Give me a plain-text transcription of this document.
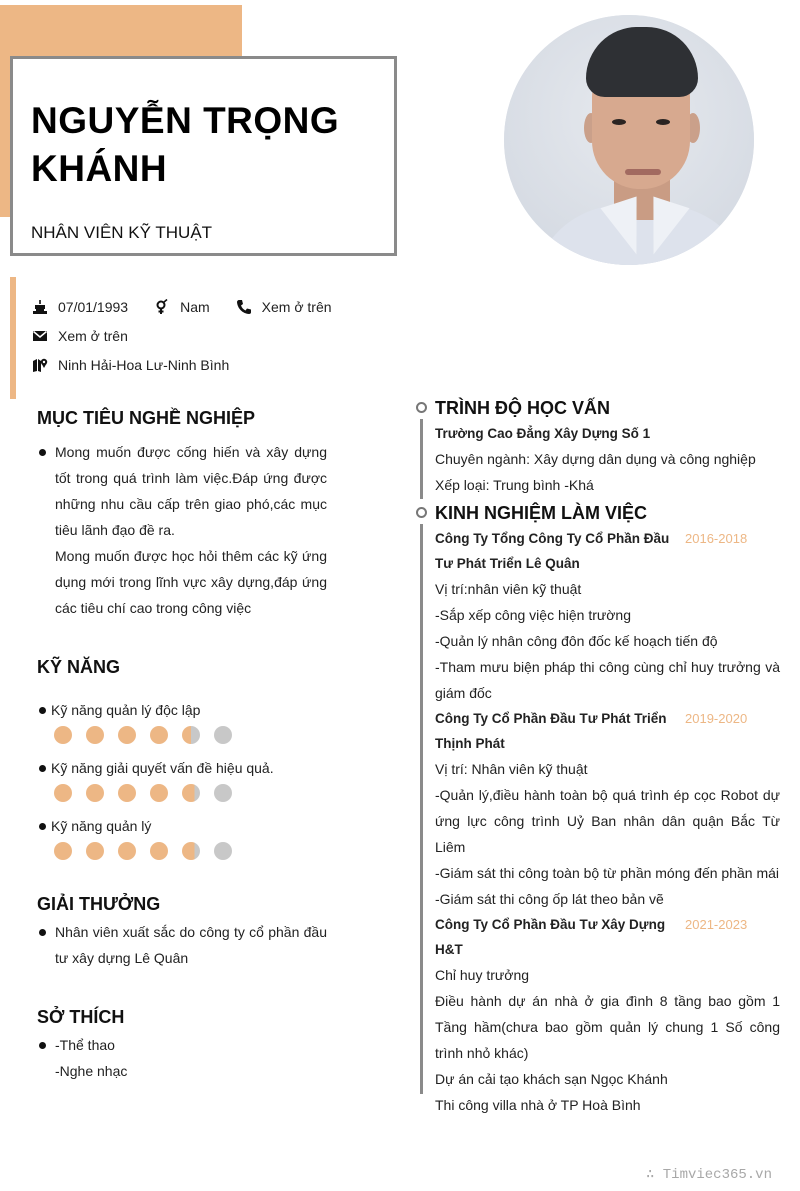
NGUYỄN TRỌNG KHÁNH
NHÂN VIÊN KỸ THUẬT
07/01/1993	Nam	Xem ở trên
Xem ở trên
Ninh Hải-Hoa Lư-Ninh Bình
MỤC TIÊU NGHỀ NGHIỆP

Mong muốn được cống hiến và xây dựng tốt trong quá trình làm việc.Đáp ứng được những nhu cầu cấp trên giao phó,các mục tiêu lãnh đạo đề ra.

Mong muốn được học hỏi thêm các kỹ ứng dụng mới trong lĩnh vực xây dựng,đáp ứng các tiêu chí cao trong công việc

KỸ NĂNG
Kỹ năng quản lý độc lập
Kỹ năng giải quyết vấn đề hiệu quả.
Kỹ năng quản lý
GIẢI THƯỞNG
Nhân viên xuất sắc do công ty cổ phần đầu tư xây dựng Lê Quân
SỞ THÍCH

-Thể thao

-Nghe nhạc

TRÌNH ĐỘ HỌC VẤN
Trường Cao Đẳng Xây Dựng Số 1
Chuyên ngành: Xây dựng dân dụng và công nghiệp
Xếp loại: Trung bình -Khá
KINH NGHIỆM LÀM VIỆC
Công Ty Tổng Công Ty Cổ Phần Đầu Tư Phát Triển Lê Quân
2016-2018
Vị trí:nhân viên kỹ thuật
-Sắp xếp công việc hiện trường
-Quản lý nhân công đôn đốc kế hoạch tiến độ
-Tham mưu biện pháp thi công cùng chỉ huy trưởng và giám đốc
Công Ty Cổ Phần Đầu Tư Phát Triển Thịnh Phát
2019-2020
Vị trí: Nhân viên kỹ thuật
-Quản lý,điều hành toàn bộ quá trình ép cọc Robot dự ứng lực công trình Uỷ Ban nhân dân quận Bắc Từ Liêm
-Giám sát thi công toàn bộ từ phần móng đến phần mái
-Giám sát thi công ốp lát theo bản vẽ
Công Ty Cổ Phần Đầu Tư Xây Dựng H&T
2021-2023
Chỉ huy trưởng
Điều hành dự án nhà ở gia đình 8 tầng bao gồm 1 Tầng hầm(chưa bao gồm quản lý chung 1 Số công trình nhỏ khác)
Dự án cải tạo khách sạn Ngọc Khánh
Thi công villa nhà ở TP Hoà Bình
∴ Timviec365.vn
